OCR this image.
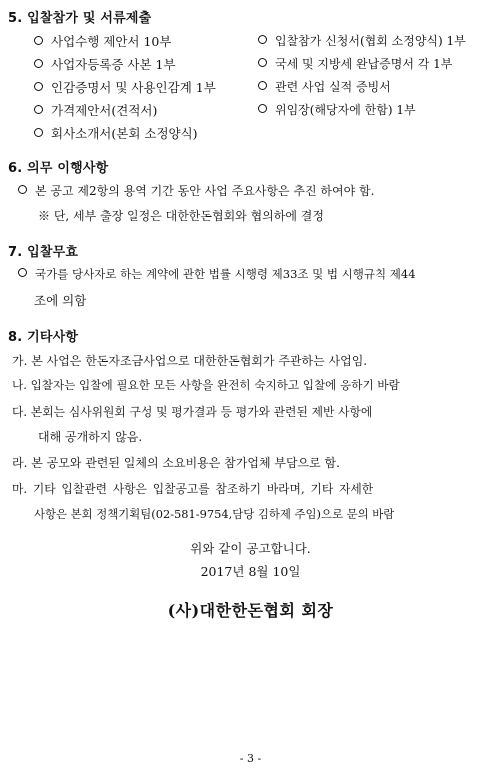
5. 입찰참가 및 서류제출
사업수행 제안서 10부
사업자등록증 사본 1부
인감증명서 및 사용인감계 1부
가격제안서(견적서)
회사소개서(본회 소정양식)
입찰참가 신청서(협회 소정양식) 1부
국세 및 지방세 완납증명서 각 1부
관련 사업 실적 증빙서
위임장(해당자에 한함) 1부
6. 의무 이행사항
본 공고 제2항의 용역 기간 동안 사업 주요사항은 추진 하여야 함.
※ 단, 세부 출장 일정은 대한한돈협회와 협의하에 결정
7. 입찰무효
국가를 당사자로 하는 계약에 관한 법률 시행령 제33조 및 법 시행규칙 제44
조에 의함
8. 기타사항
가. 본 사업은 한돈자조금사업으로 대한한돈협회가 주관하는 사업임.
나. 입찰자는 입찰에 필요한 모든 사항을 완전히 숙지하고 입찰에 응하기 바람
다. 본회는 심사위원회 구성 및 평가결과 등 평가와 관련된 제반 사항에
대해 공개하지 않음.
라. 본 공모와 관련된 일체의 소요비용은 참가업체 부담으로 함.
마. 기타 입찰관련 사항은 입찰공고를 참조하기 바라며, 기타 자세한
사항은 본회 정책기획팀(02-581-9754,담당 김하제 주임)으로 문의 바람
위와 같이 공고합니다.
2017년 8월 10일
(사)대한한돈협회 회장
- 3 -
